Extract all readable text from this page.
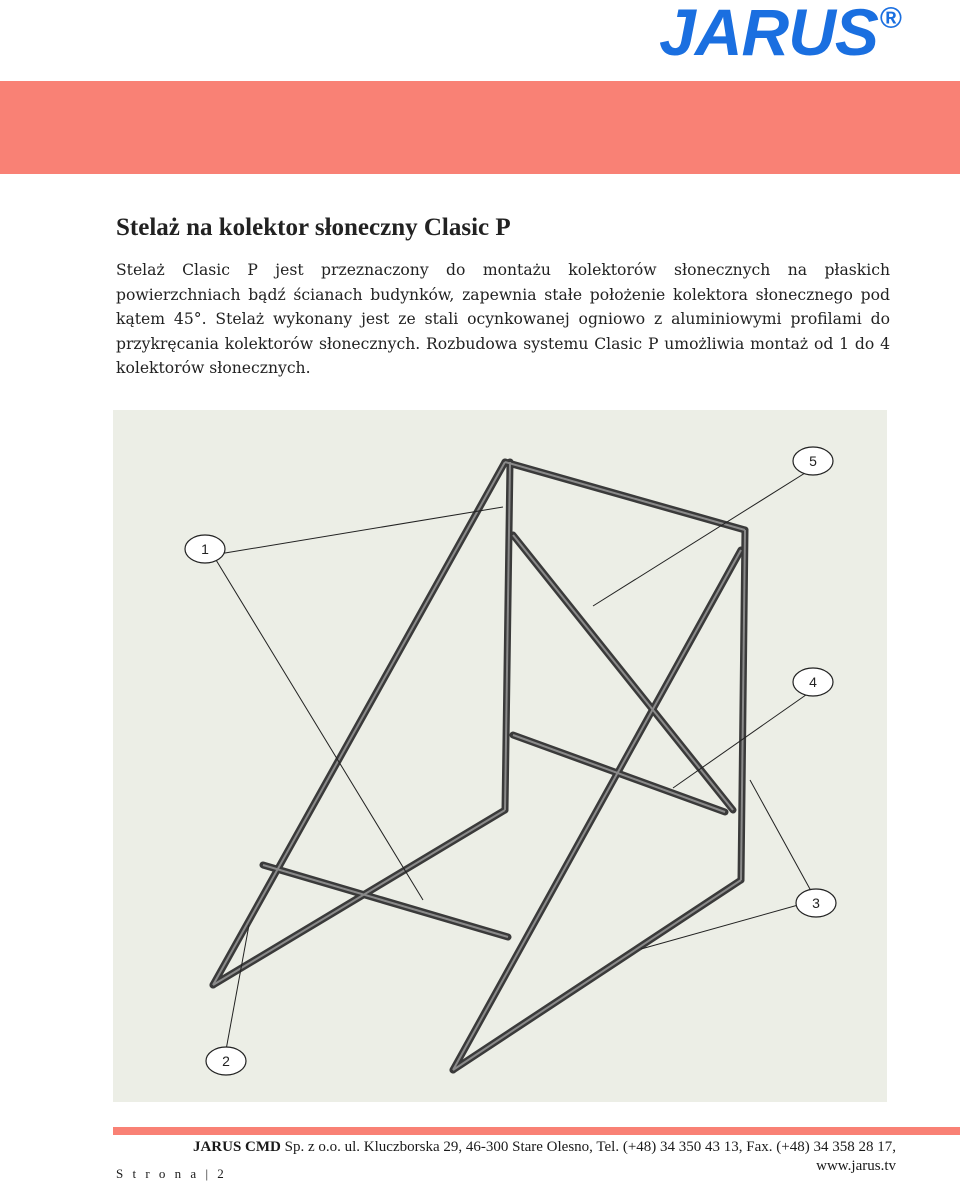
JARUS ®
Stelaż na kolektor słoneczny Clasic P

Stelaż Clasic P jest przeznaczony do montażu kolektorów słonecznych na płaskich powierzchniach bądź ścianach budynków, zapewnia stałe położenie kolektora słonecznego pod kątem 45°. Stelaż wykonany jest ze stali ocynkowanej ogniowo z aluminiowymi profilami do przykręcania kolektorów słonecznych. Rozbudowa systemu Clasic P umożliwia montaż od 1 do 4 kolektorów słonecznych.

1
2
3
4
5
JARUS CMD Sp. z o.o. ul. Kluczborska 29, 46-300 Stare Olesno, Tel. (+48) 34 350 43 13, Fax. (+48) 34 358 28 17,
www.jarus.tv
S t r o n a | 2
